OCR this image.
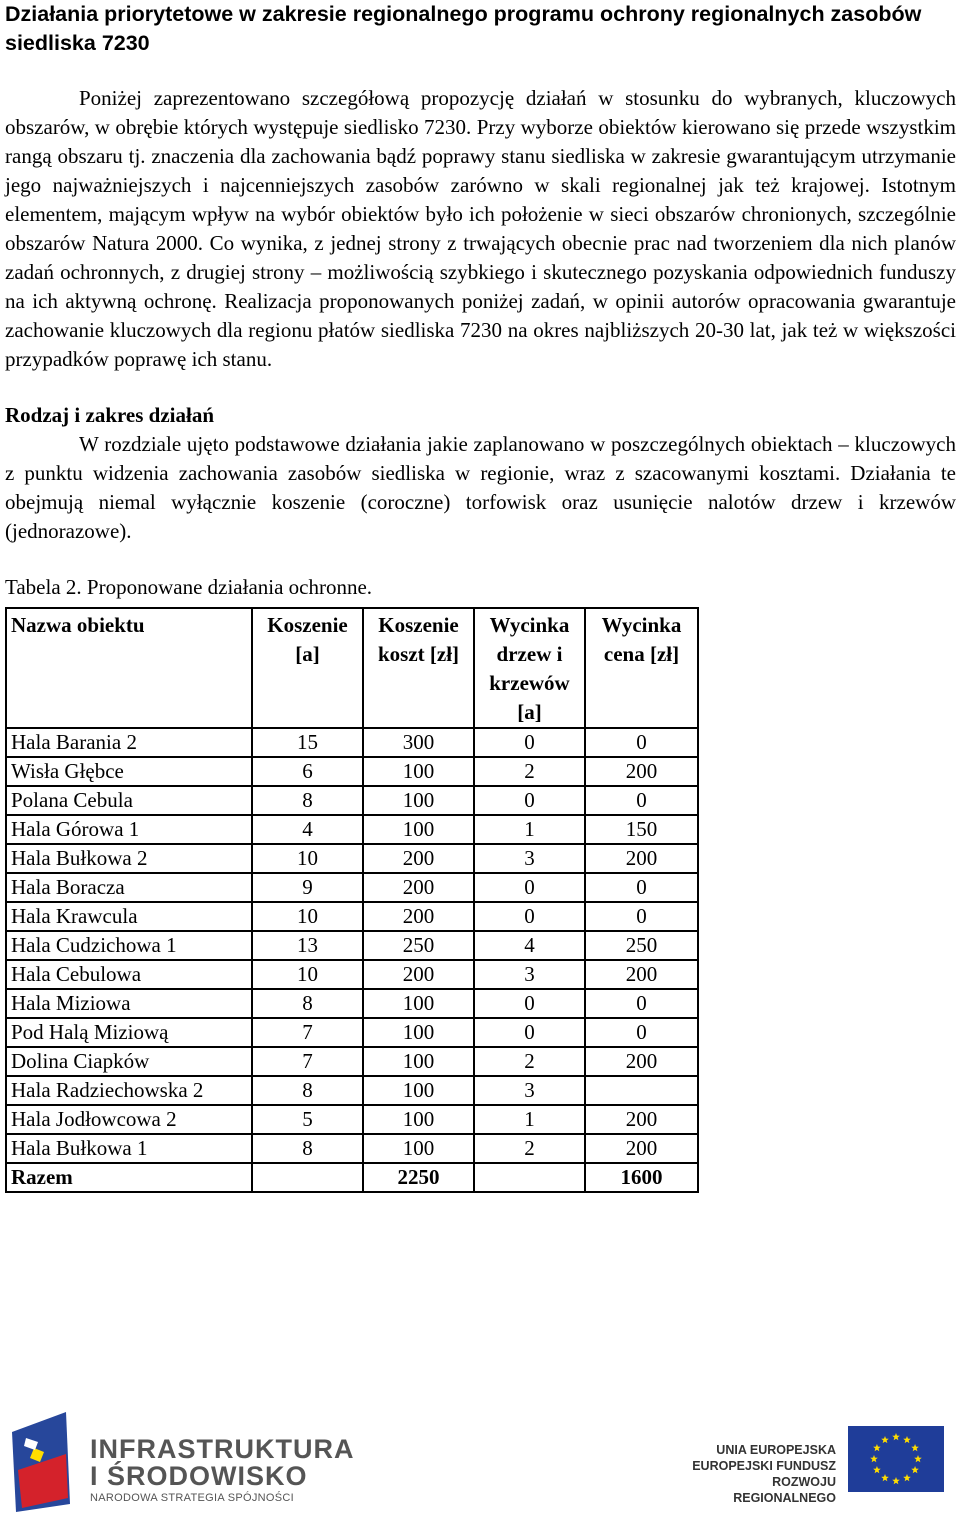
Działania priorytetowe w zakresie regionalnego programu ochrony regionalnych zasobów siedliska 7230

Poniżej zaprezentowano szczegółową propozycję działań w stosunku do wybranych, kluczowych obszarów, w obrębie których występuje siedlisko 7230. Przy wyborze obiektów kierowano się przede wszystkim rangą obszaru tj. znaczenia dla zachowania bądź poprawy stanu siedliska w zakresie gwarantującym utrzymanie jego najważniejszych i najcenniejszych zasobów zarówno w skali regionalnej jak też krajowej. Istotnym elementem, mającym wpływ na wybór obiektów było ich położenie w sieci obszarów chronionych, szczególnie obszarów Natura 2000. Co wynika, z jednej strony z trwających obecnie prac nad tworzeniem dla nich planów zadań ochronnych, z drugiej strony – możliwością szybkiego i skutecznego pozyskania odpowiednich funduszy na ich aktywną ochronę. Realizacja proponowanych poniżej zadań, w opinii autorów opracowania gwarantuje zachowanie kluczowych dla regionu płatów siedliska 7230 na okres najbliższych 20-30 lat, jak też w większości przypadków poprawę ich stanu.

Rodzaj i zakres działań

W rozdziale ujęto podstawowe działania jakie zaplanowano w poszczególnych obiektach – kluczowych z punktu widzenia zachowania zasobów siedliska w regionie, wraz z szacowanymi kosztami. Działania te obejmują niemal wyłącznie koszenie (coroczne) torfowisk oraz usunięcie nalotów drzew i krzewów (jednorazowe).

Tabela 2. Proponowane działania ochronne.
Nazwa obiektu	Koszenie [a]	Koszenie koszt [zł]	Wycinka drzew i krzewów [a]	Wycinka cena [zł]
Hala Barania 2	15	300	0	0
Wisła Głębce	6	100	2	200
Polana Cebula	8	100	0	0
Hala Górowa 1	4	100	1	150
Hala Bułkowa 2	10	200	3	200
Hala Boracza	9	200	0	0
Hala Krawcula	10	200	0	0
Hala Cudzichowa 1	13	250	4	250
Hala Cebulowa	10	200	3	200
Hala Miziowa	8	100	0	0
Pod Halą Miziową	7	100	0	0
Dolina Ciapków	7	100	2	200
Hala Radziechowska 2	8	100	3	
Hala Jodłowcowa 2	5	100	1	200
Hala Bułkowa 1	8	100	2	200
Razem		2250		1600
INFRASTRUKTURA
I ŚRODOWISKO
NARODOWA STRATEGIA SPÓJNOŚCI
UNIA EUROPEJSKA
EUROPEJSKI FUNDUSZ
ROZWOJU REGIONALNEGO
